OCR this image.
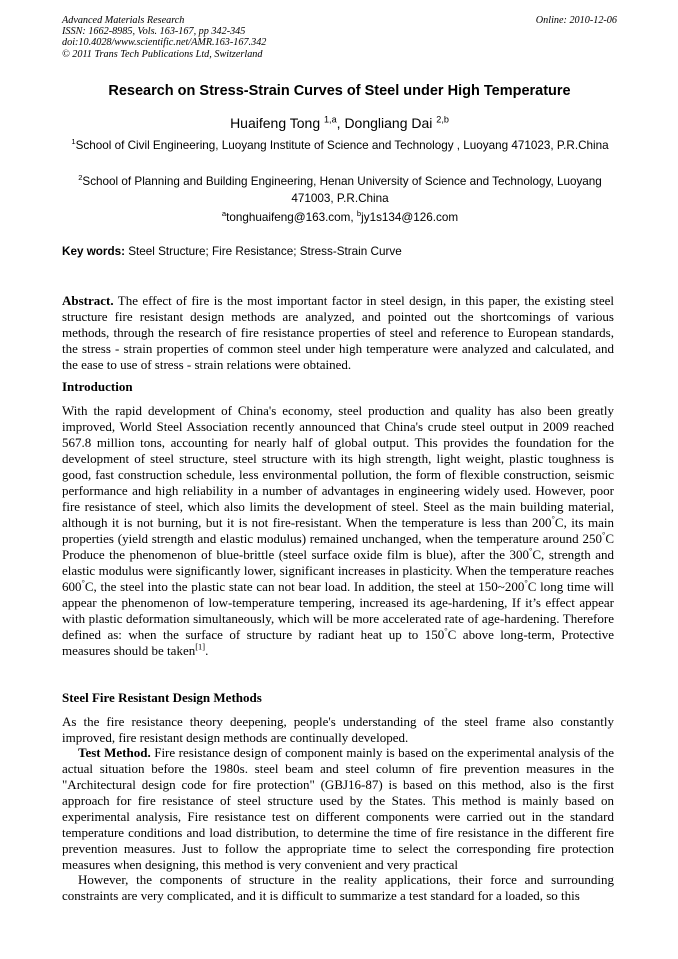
Advanced Materials Research
ISSN: 1662-8985, Vols. 163-167, pp 342-345
doi:10.4028/www.scientific.net/AMR.163-167.342
© 2011 Trans Tech Publications Ltd, Switzerland
Online: 2010-12-06
Research on Stress-Strain Curves of Steel under High Temperature
Huaifeng Tong $^{1,a}$, Dongliang Dai $^{2,b}$
$^1$School of Civil Engineering, Luoyang Institute of Science and Technology , Luoyang 471023, P.R.China
$^2$School of Planning and Building Engineering, Henan University of Science and Technology, Luoyang 471003, P.R.China
$^a$tonghuaifeng@163.com, $^b$jy1s134@126.com
Key words: Steel Structure; Fire Resistance; Stress-Strain Curve

Abstract. The effect of fire is the most important factor in steel design, in this paper, the existing steel structure fire resistant design methods are analyzed, and pointed out the shortcomings of various methods, through the research of fire resistance properties of steel and reference to European standards, the stress - strain properties of common steel under high temperature were analyzed and calculated, and the ease to use of stress - strain relations were obtained.

Introduction

With the rapid development of China's economy, steel production and quality has also been greatly improved, World Steel Association recently announced that China's crude steel output in 2009 reached 567.8 million tons, accounting for nearly half of global output. This provides the foundation for the development of steel structure, steel structure with its high strength, light weight, plastic toughness is good, fast construction schedule, less environmental pollution, the form of flexible construction, seismic performance and high reliability in a number of advantages in engineering widely used. However, poor fire resistance of steel, which also limits the development of steel. Steel as the main building material, although it is not burning, but it is not fire-resistant. When the temperature is less than 200°C, its main properties (yield strength and elastic modulus) remained unchanged, when the temperature around 250°C Produce the phenomenon of blue-brittle (steel surface oxide film is blue), after the 300°C, strength and elastic modulus were significantly lower, significant increases in plasticity. When the temperature reaches 600°C, the steel into the plastic state can not bear load. In addition, the steel at 150~200°C long time will appear the phenomenon of low-temperature tempering, increased its age-hardening, If it’s effect appear with plastic deformation simultaneously, which will be more accelerated rate of age-hardening. Therefore defined as: when the surface of structure by radiant heat up to 150°C above long-term, Protective measures should be taken[1].

Steel Fire Resistant Design Methods

As the fire resistance theory deepening, people's understanding of the steel frame also constantly improved, fire resistant design methods are continually developed.

Test Method. Fire resistance design of component mainly is based on the experimental analysis of the actual situation before the 1980s. steel beam and steel column of fire prevention measures in the "Architectural design code for fire protection" (GBJ16-87) is based on this method, also is the first approach for fire resistance of steel structure used by the States. This method is mainly based on experimental analysis, Fire resistance test on different components were carried out in the standard temperature conditions and load distribution, to determine the time of fire resistance in the different fire prevention measures. Just to follow the appropriate time to select the corresponding fire protection measures when designing, this method is very convenient and very practical

However, the components of structure in the reality applications, their force and surrounding constraints are very complicated, and it is difficult to summarize a test standard for a loaded, so this
